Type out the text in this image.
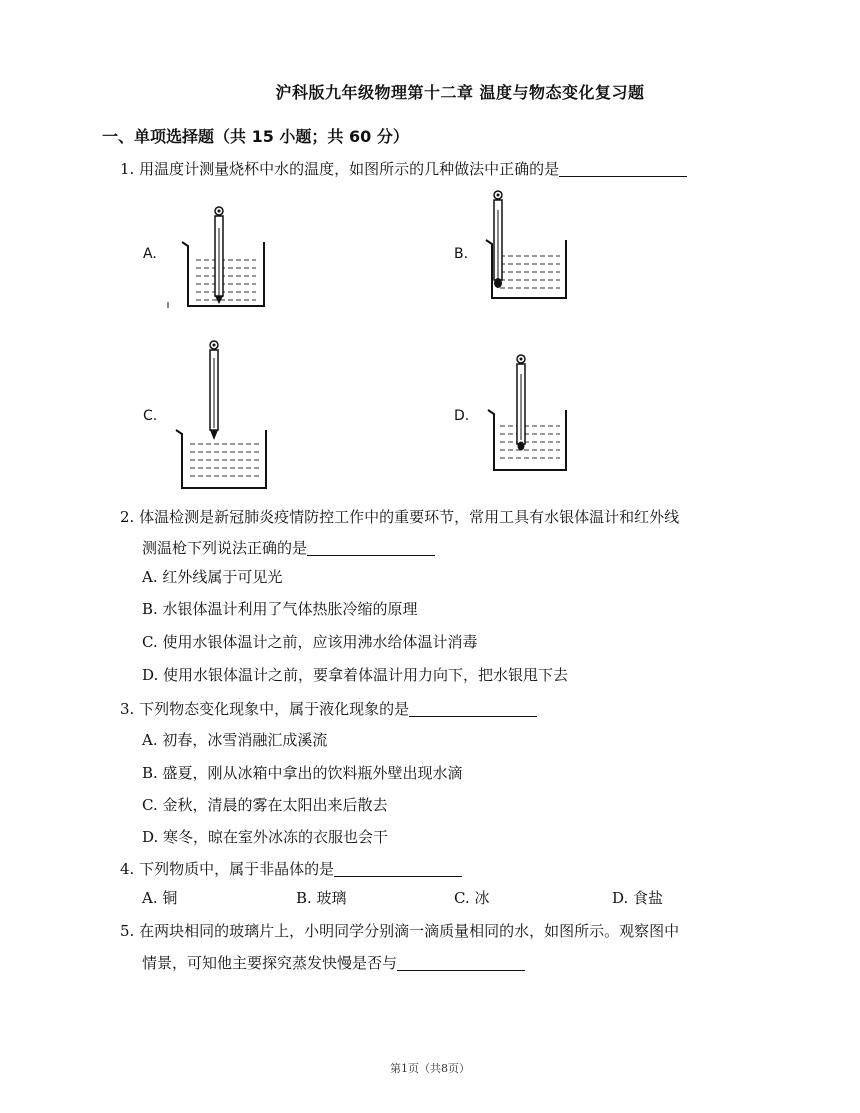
沪科版九年级物理第十二章 温度与物态变化复习题
一、单项选择题（共 15 小题；共 60 分）
1. 用温度计测量烧杯中水的温度，如图所示的几种做法中正确的是
A.	B.
C.	D.
2. 体温检测是新冠肺炎疫情防控工作中的重要环节，常用工具有水银体温计和红外线
测温枪下列说法正确的是
A. 红外线属于可见光
B. 水银体温计利用了气体热胀冷缩的原理
C. 使用水银体温计之前，应该用沸水给体温计消毒
D. 使用水银体温计之前，要拿着体温计用力向下，把水银甩下去
3. 下列物态变化现象中，属于液化现象的是
A. 初春，冰雪消融汇成溪流
B. 盛夏，刚从冰箱中拿出的饮料瓶外壁出现水滴
C. 金秋，清晨的雾在太阳出来后散去
D. 寒冬，晾在室外冰冻的衣服也会干
4. 下列物质中，属于非晶体的是
A. 铜	B. 玻璃	C. 冰	D. 食盐
5. 在两块相同的玻璃片上，小明同学分别滴一滴质量相同的水，如图所示。观察图中
情景，可知他主要探究蒸发快慢是否与
第1页（共8页）
